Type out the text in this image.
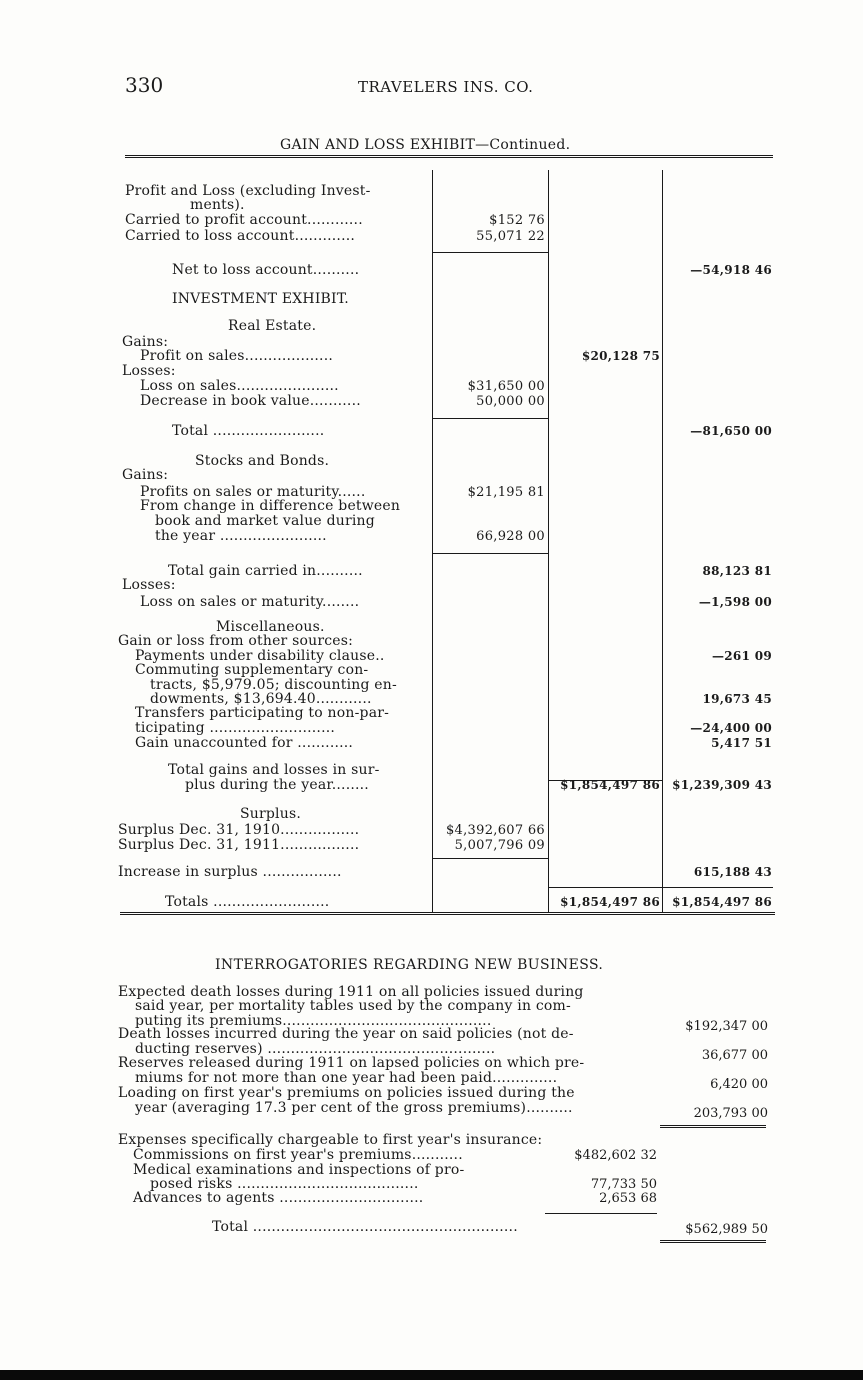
330	TRAVELERS INS. CO.
GAIN AND LOSS EXHIBIT—Continued.
Profit and Loss (excluding Invest-
ments).
Carried to profit account............	$152 76
Carried to loss account.............	55,071 22
Net to loss account..........	—54,918 46
INVESTMENT EXHIBIT.
Real Estate.
Gains:
Profit on sales...................	$20,128 75
Losses:
Loss on sales......................	$31,650 00
Decrease in book value...........	50,000 00
Total ........................	—81,650 00
Stocks and Bonds.
Gains:
Profits on sales or maturity......	$21,195 81
From change in difference between
book and market value during
the year .......................	66,928 00
Total gain carried in..........	88,123 81
Losses:
Loss on sales or maturity........	—1,598 00
Miscellaneous.
Gain or loss from other sources:
Payments under disability clause..	—261 09
Commuting supplementary con-
tracts, $5,979.05; discounting en-
dowments, $13,694.40............	19,673 45
Transfers participating to non-par-
ticipating ...........................	—24,400 00
Gain unaccounted for ............	5,417 51
Total gains and losses in sur-
plus during the year........	$1,854,497 86 $1,239,309 43
Surplus.
Surplus Dec. 31, 1910.................	$4,392,607 66
Surplus Dec. 31, 1911.................	5,007,796 09
Increase in surplus .................	615,188 43
Totals .........................	$1,854,497 86 $1,854,497 86
INTERROGATORIES REGARDING NEW BUSINESS.
Expected death losses during 1911 on all policies issued during
said year, per mortality tables used by the company in com-
puting its premiums.............................................	$192,347 00
Death losses incurred during the year on said policies (not de-
ducting reserves) .................................................	36,677 00
Reserves released during 1911 on lapsed policies on which pre-
miums for not more than one year had been paid..............	6,420 00
Loading on first year's premiums on policies issued during the
year (averaging 17.3 per cent of the gross premiums)..........	203,793 00
Expenses specifically chargeable to first year's insurance:
Commissions on first year's premiums...........	$482,602 32
Medical examinations and inspections of pro-
posed risks .......................................	77,733 50
Advances to agents ...............................	2,653 68
Total .........................................................	$562,989 50
